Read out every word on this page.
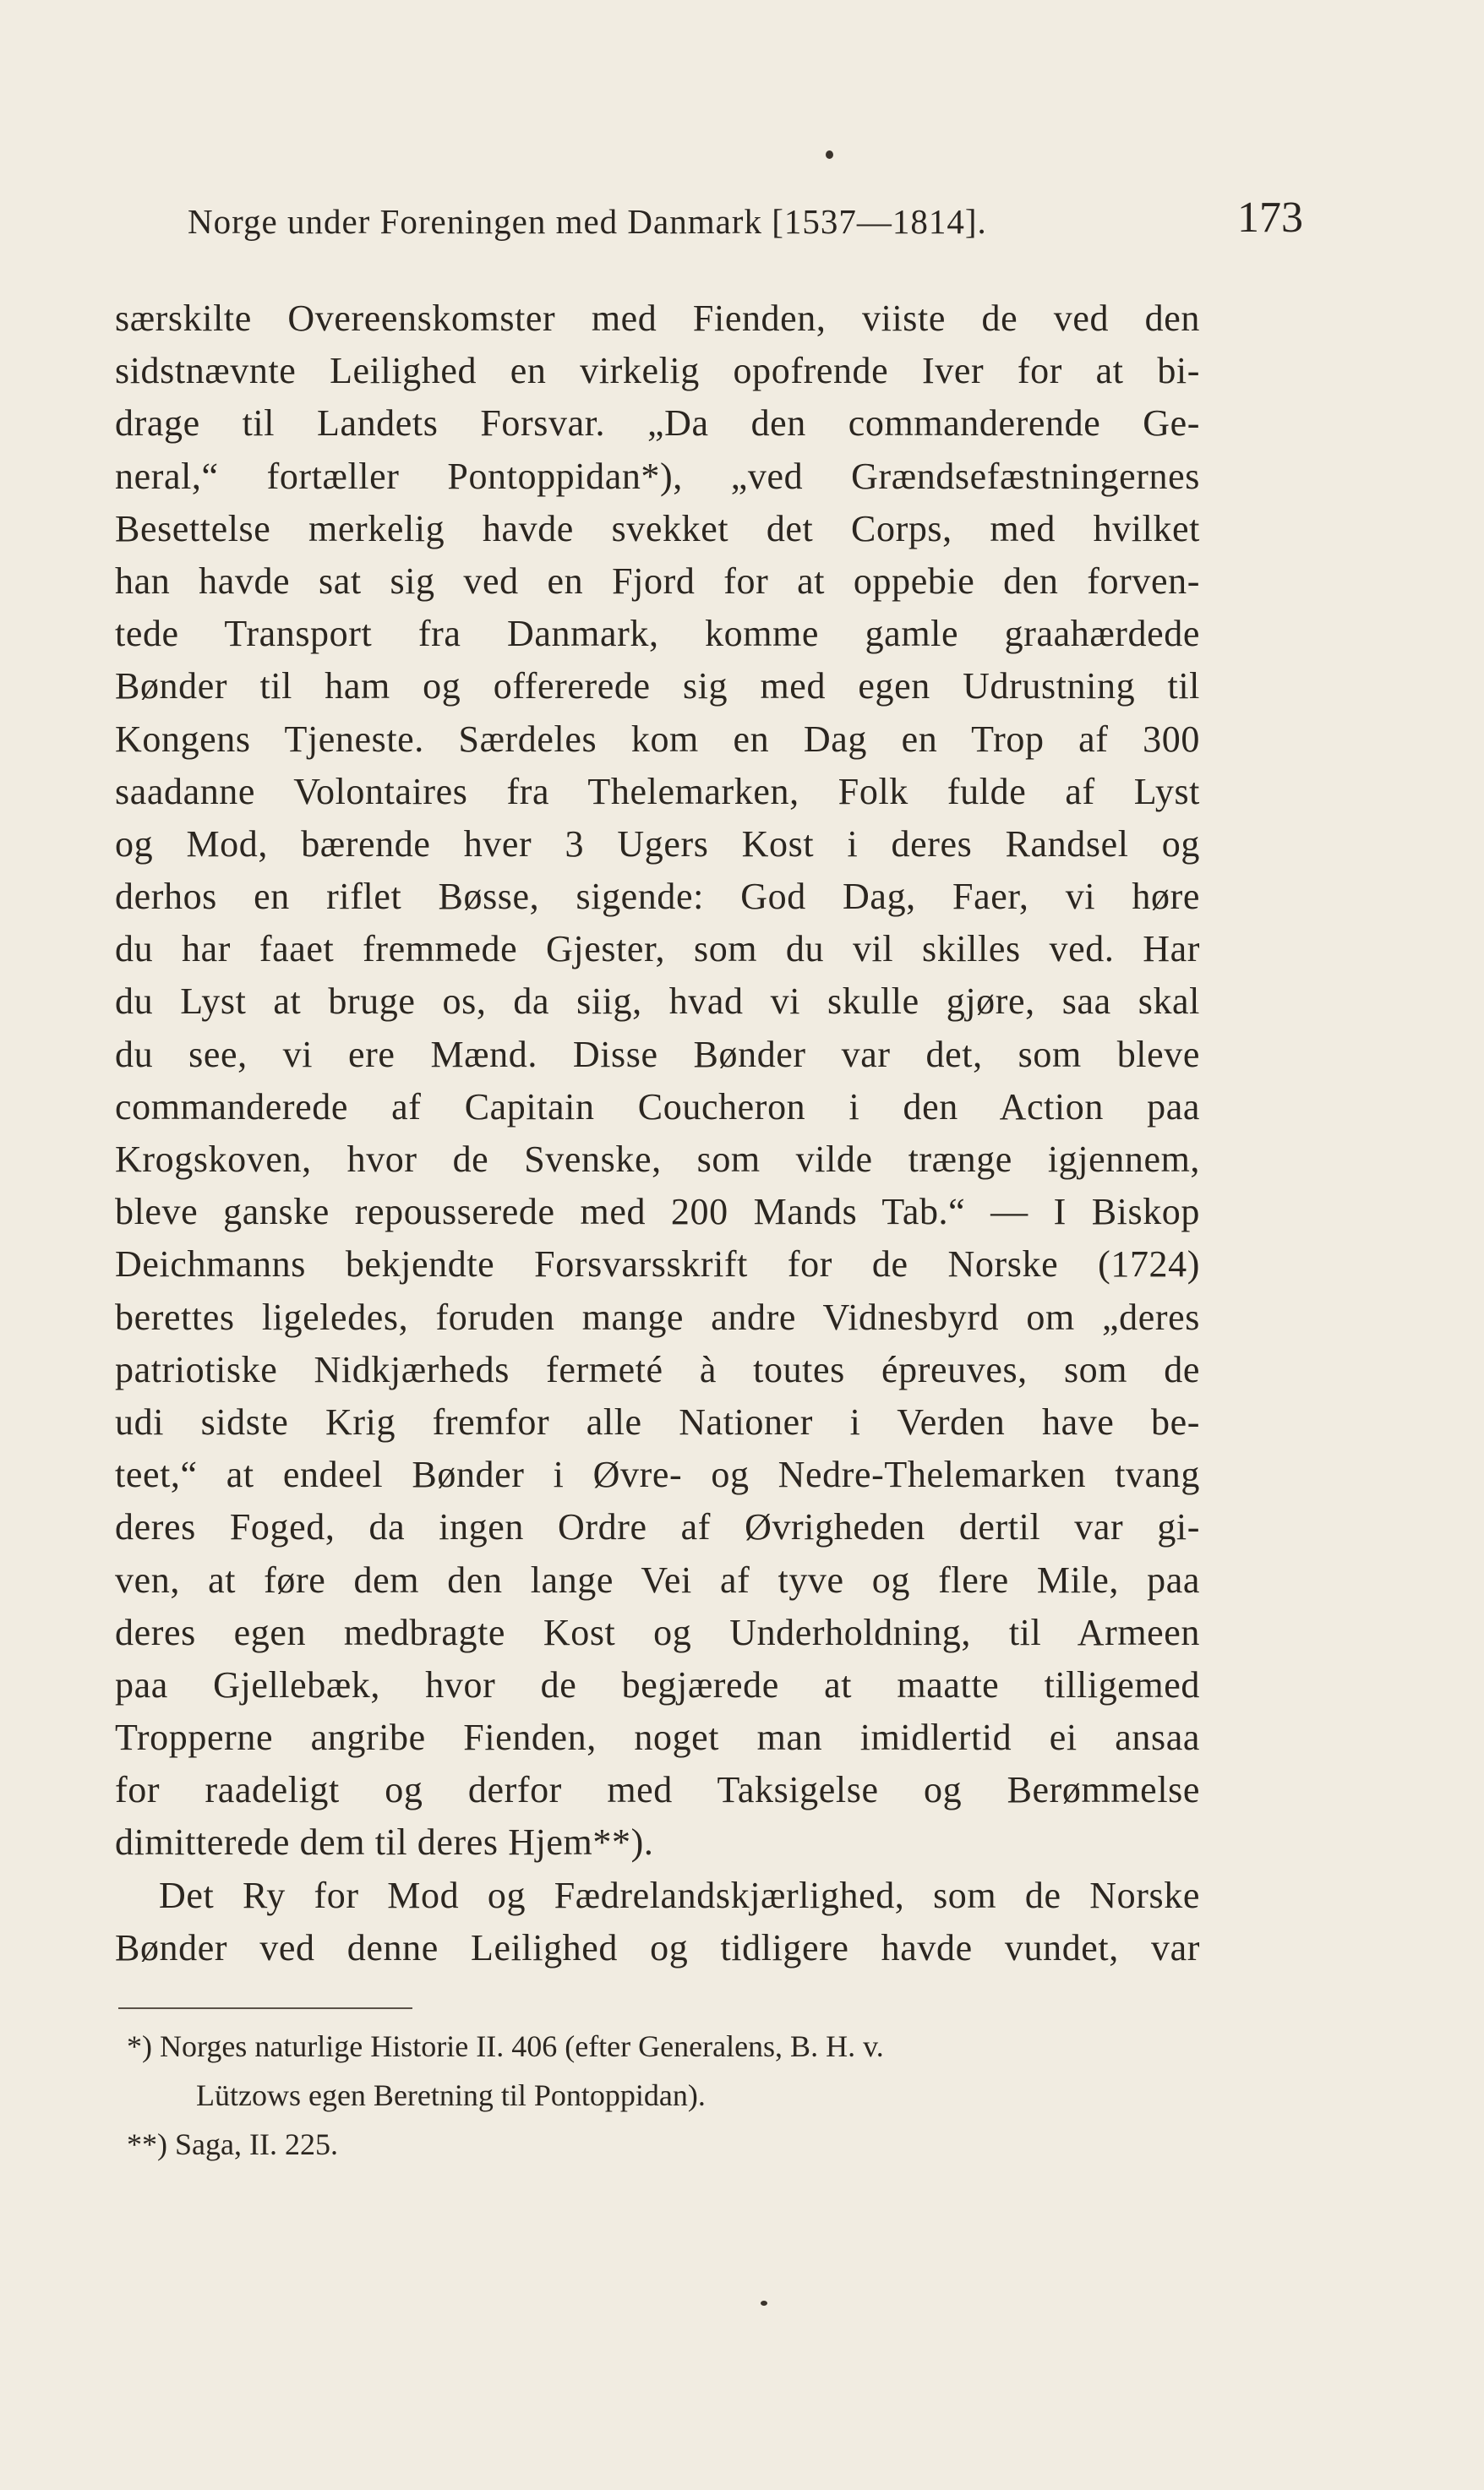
Norge under Foreningen med Danmark [1537—1814].	173
særskilte Overeenskomster med Fienden, viiste de ved den
sidstnævnte Leilighed en virkelig opofrende Iver for at bi-
drage til Landets Forsvar. „Da den commanderende Ge-
neral,“ fortæller Pontoppidan*), „ved Grændsefæstningernes
Besettelse merkelig havde svekket det Corps, med hvilket
han havde sat sig ved en Fjord for at oppebie den forven-
tede Transport fra Danmark, komme gamle graahærdede
Bønder til ham og offererede sig med egen Udrustning til
Kongens Tjeneste. Særdeles kom en Dag en Trop af 300
saadanne Volontaires fra Thelemarken, Folk fulde af Lyst
og Mod, bærende hver 3 Ugers Kost i deres Randsel og
derhos en riflet Bøsse, sigende: God Dag, Faer, vi høre
du har faaet fremmede Gjester, som du vil skilles ved. Har
du Lyst at bruge os, da siig, hvad vi skulle gjøre, saa skal
du see, vi ere Mænd. Disse Bønder var det, som bleve
commanderede af Capitain Coucheron i den Action paa
Krogskoven, hvor de Svenske, som vilde trænge igjennem,
bleve ganske repousserede med 200 Mands Tab.“ — I Biskop
Deichmanns bekjendte Forsvarsskrift for de Norske (1724)
berettes ligeledes, foruden mange andre Vidnesbyrd om „deres
patriotiske Nidkjærheds fermeté à toutes épreuves, som de
udi sidste Krig fremfor alle Nationer i Verden have be-
teet,“ at endeel Bønder i Øvre- og Nedre-Thelemarken tvang
deres Foged, da ingen Ordre af Øvrigheden dertil var gi-
ven, at føre dem den lange Vei af tyve og flere Mile, paa
deres egen medbragte Kost og Underholdning, til Armeen
paa Gjellebæk, hvor de begjærede at maatte tilligemed
Tropperne angribe Fienden, noget man imidlertid ei ansaa
for raadeligt og derfor med Taksigelse og Berømmelse
dimitterede dem til deres Hjem**).
Det Ry for Mod og Fædrelandskjærlighed, som de Norske
Bønder ved denne Leilighed og tidligere havde vundet, var
*) Norges naturlige Historie II. 406 (efter Generalens, B. H. v.
Lützows egen Beretning til Pontoppidan).
**) Saga, II. 225.
